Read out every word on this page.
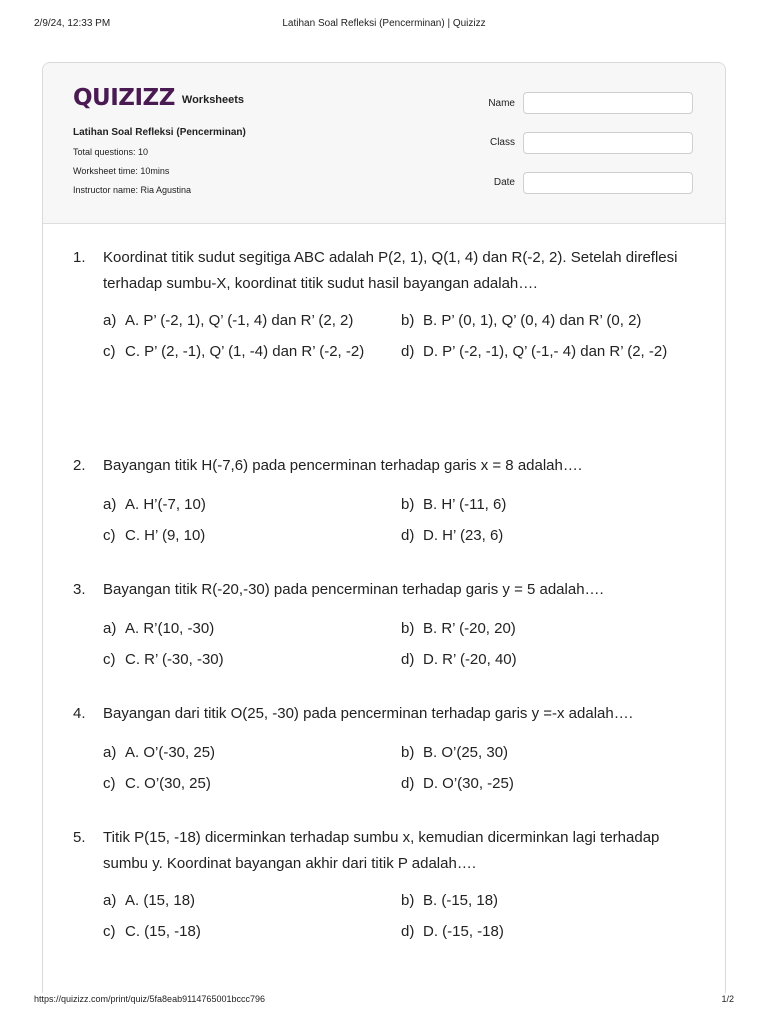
2/9/24, 12:33 PM	Latihan Soal Refleksi (Pencerminan) | Quizizz
QUIZIZZ Worksheets
Latihan Soal Refleksi (Pencerminan)
Total questions: 10
Worksheet time: 10mins
Instructor name: Ria Agustina
Name
Class
Date
1. Koordinat titik sudut segitiga ABC adalah P(2, 1), Q(1, 4) dan R(-2, 2). Setelah direflesi terhadap sumbu-X, koordinat titik sudut hasil bayangan adalah….
a) A. P’ (-2, 1), Q’ (-1, 4) dan R’ (2, 2)	b) B. P’ (0, 1), Q’ (0, 4) dan R’ (0, 2)
c) C. P’ (2, -1), Q’ (1, -4) dan R’ (-2, -2) d) D. P’ (-2, -1), Q’ (-1,- 4) dan R’ (2, -2)
2. Bayangan titik H(-7,6) pada pencerminan terhadap garis x = 8 adalah….
a) A. H’(-7, 10)	b) B. H’ (-11, 6)
c) C. H’ (9, 10)	d) D. H’ (23, 6)
3. Bayangan titik R(-20,-30) pada pencerminan terhadap garis y = 5 adalah….
a) A. R’(10, -30)	b) B. R’ (-20, 20)
c) C. R’ (-30, -30)	d) D. R’ (-20, 40)
4. Bayangan dari titik O(25, -30) pada pencerminan terhadap garis y =-x adalah….
a) A. O’(-30, 25)	b) B. O’(25, 30)
c) C. O’(30, 25)	d) D. O’(30, -25)
5. Titik P(15, -18) dicerminkan terhadap sumbu x, kemudian dicerminkan lagi terhadap sumbu y. Koordinat bayangan akhir dari titik P adalah….
a) A. (15, 18)	b) B. (-15, 18)
c) C. (15, -18)	d) D. (-15, -18)
https://quizizz.com/print/quiz/5fa8eab9114765001bccc796	1/2
